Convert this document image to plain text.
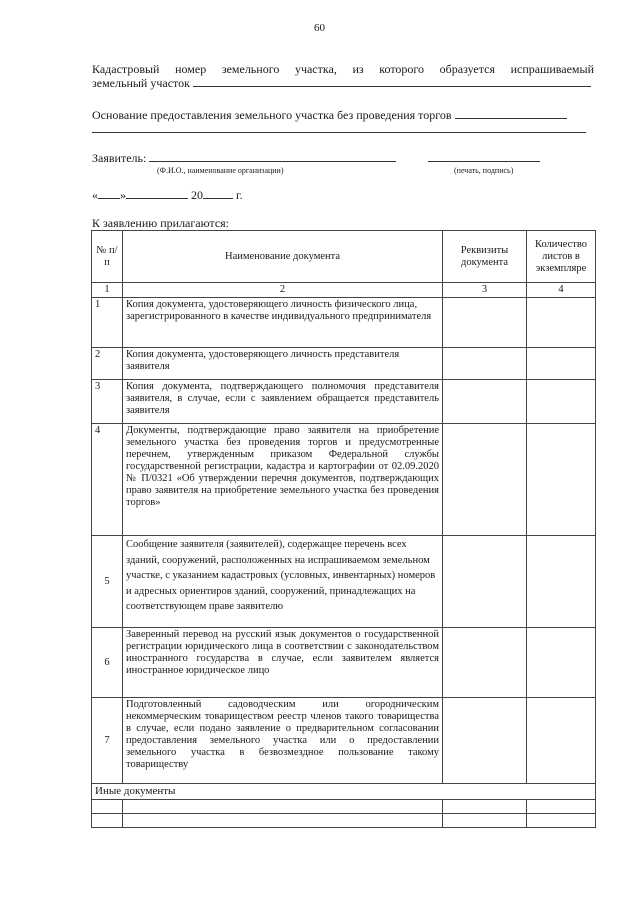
60
Кадастровый номер земельного участка, из которого образуется испрашиваемый
земельный участок
Основание предоставления земельного участка без проведения торгов
Заявитель:
(Ф.И.О., наименование организации)	(печать, подпись)
« »	20	г.
К заявлению прилагаются:
№ п/п	Наименование документа	Реквизиты документа	Количество листов в экземпляре
1	2	3	4
1	Копия документа, удостоверяющего личность физического лица, зарегистрированного в качестве индивидуального предпринимателя		
2	Копия документа, удостоверяющего личность представителя заявителя		
3	Копия документа, подтверждающего полномочия представителя заявителя, в случае, если с заявлением обращается представитель заявителя		
4	Документы, подтверждающие право заявителя на приобретение земельного участка без проведения торгов и предусмотренные перечнем, утвержденным приказом Федеральной службы государственной регистрации, кадастра и картографии от 02.09.2020 № П/0321 «Об утверждении перечня документов, подтверждающих право заявителя на приобретение земельного участка без проведения торгов»		
5	Сообщение заявителя (заявителей), содержащее перечень всех зданий, сооружений, расположенных на испрашиваемом земельном участке, с указанием кадастровых (условных, инвентарных) номеров и адресных ориентиров зданий, сооружений, принадлежащих на соответствующем праве заявителю		
6	Заверенный перевод на русский язык документов о государственной регистрации юридического лица в соответствии с законодательством иностранного государства в случае, если заявителем является иностранное юридическое лицо		
7	Подготовленный садоводческим или огородническим некоммерческим товариществом реестр членов такого товарищества в случае, если подано заявление о предварительном согласовании предоставления земельного участка или о предоставлении земельного участка в безвозмездное пользование такому товариществу		
Иные документы			
